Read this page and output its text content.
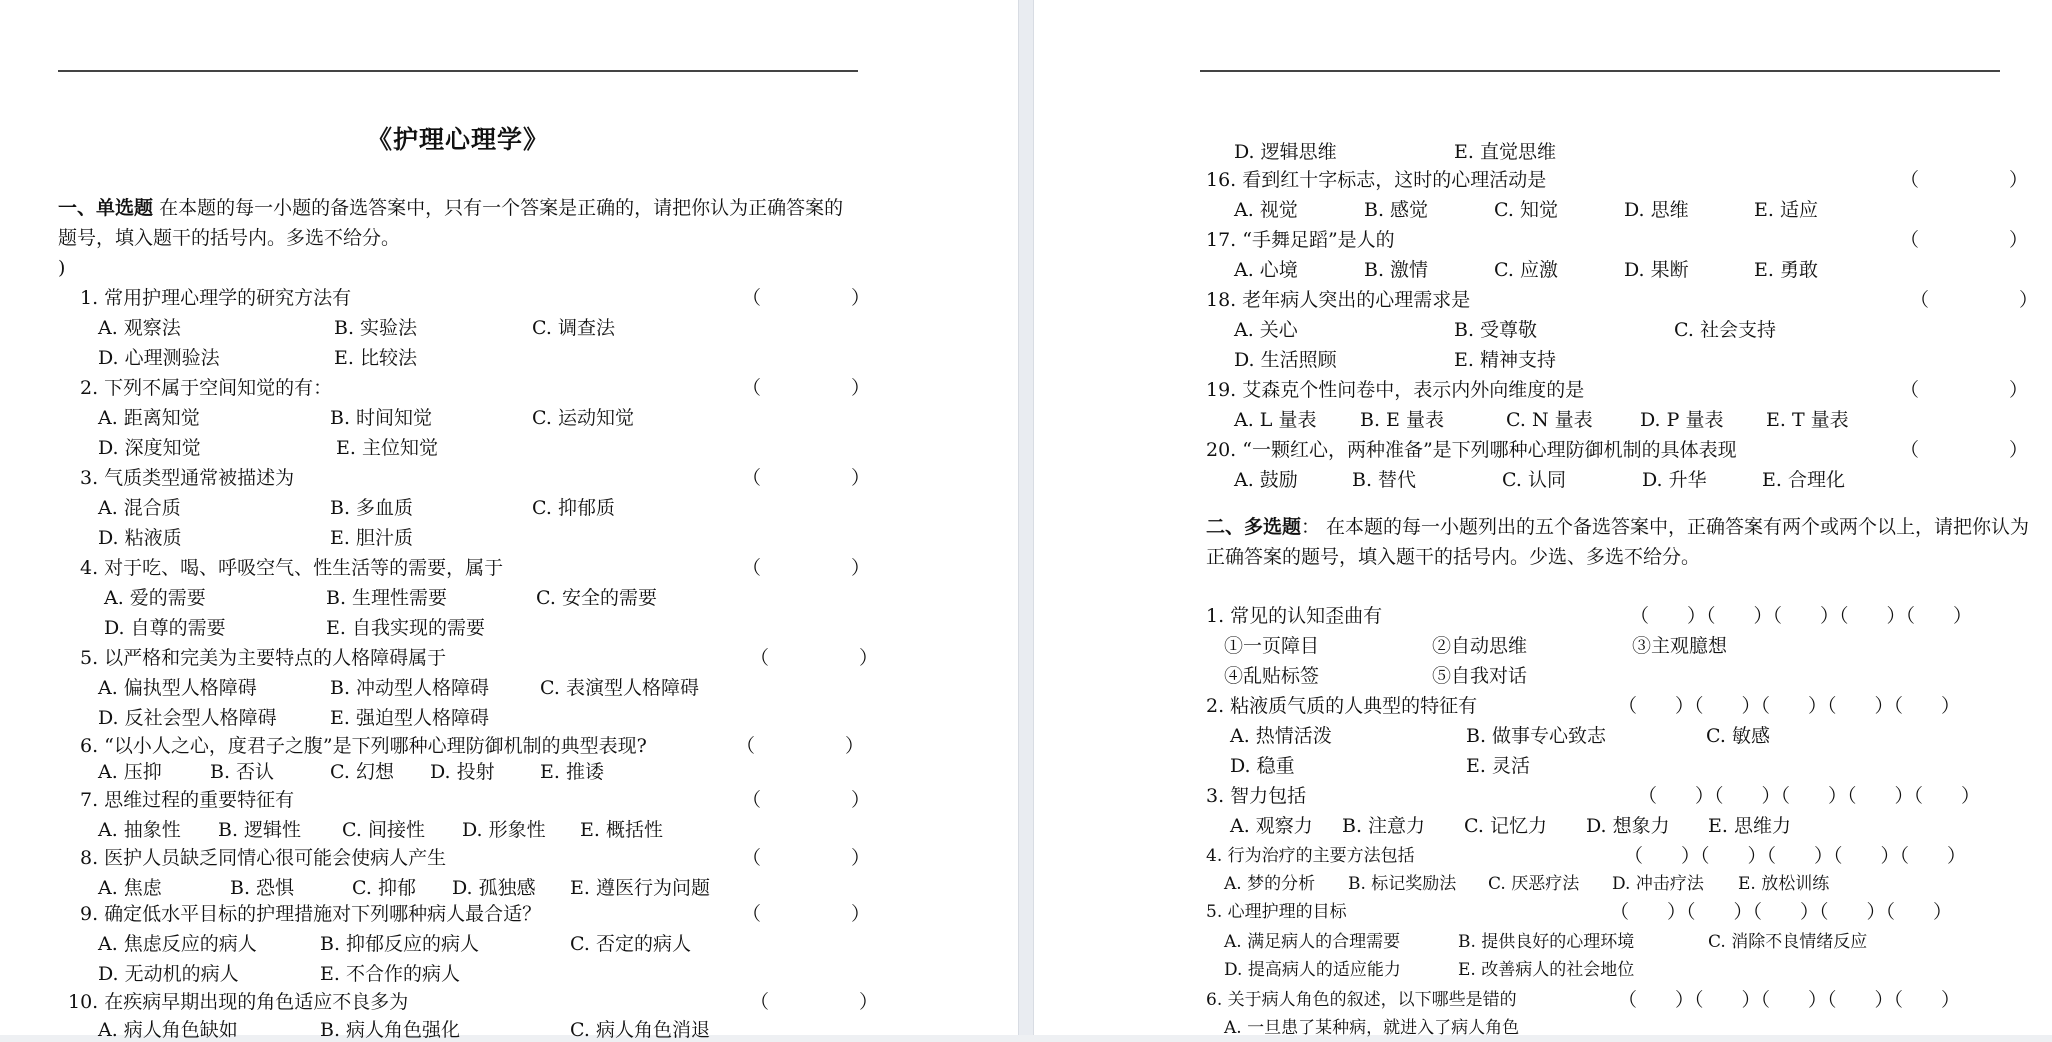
《护理心理学》
一、单选题 在本题的每一小题的备选答案中，只有一个答案是正确的，请把你认为正确答案的题号，填入题干的括号内。多选不给分。
)
1. 常用护理心理学的研究方法有	（	）
A. 观察法	B. 实验法	C. 调查法
D. 心理测验法	E. 比较法
2. 下列不属于空间知觉的有：	（	）
A. 距离知觉	B. 时间知觉	C. 运动知觉
D. 深度知觉	E. 主位知觉
3. 气质类型通常被描述为	（	）
A. 混合质	B. 多血质	C. 抑郁质
D. 粘液质	E. 胆汁质
4. 对于吃、喝、呼吸空气、性生活等的需要，属于	（	）
A. 爱的需要	B. 生理性需要	C. 安全的需要
D. 自尊的需要	E. 自我实现的需要
5. 以严格和完美为主要特点的人格障碍属于	（	）
A. 偏执型人格障碍	B. 冲动型人格障碍	C. 表演型人格障碍
D. 反社会型人格障碍	E. 强迫型人格障碍
6. “以小人之心，度君子之腹”是下列哪种心理防御机制的典型表现?	（	）
A. 压抑	B. 否认	C. 幻想 D. 投射 E. 推诿
7. 思维过程的重要特征有	（	）
A. 抽象性 B. 逻辑性 C. 间接性 D. 形象性 E. 概括性
8. 医护人员缺乏同情心很可能会使病人产生	（	）
A. 焦虑	B. 恐惧	C. 抑郁 D. 孤独感 E. 遵医行为问题
9. 确定低水平目标的护理措施对下列哪种病人最合适？	（	）
A. 焦虑反应的病人	B. 抑郁反应的病人	C. 否定的病人
D. 无动机的病人	E. 不合作的病人
10. 在疾病早期出现的角色适应不良多为	（	）
A. 病人角色缺如	B. 病人角色强化	C. 病人角色消退
D. 逻辑思维	E. 直觉思维
16. 看到红十字标志，这时的心理活动是	（	）
A. 视觉	B. 感觉	C. 知觉	D. 思维	E. 适应
17. “手舞足蹈”是人的	（	）
A. 心境	B. 激情	C. 应激	D. 果断	E. 勇敢
18. 老年病人突出的心理需求是	（	）
A. 关心	B. 受尊敬	C. 社会支持
D. 生活照顾	E. 精神支持
19. 艾森克个性问卷中，表示内外向维度的是	（	）
A. L 量表 B. E 量表	C. N 量表 D. P 量表 E. T 量表
20. “一颗红心，两种准备”是下列哪种心理防御机制的具体表现	（	）
A. 鼓励	B. 替代	C. 认同	D. 升华	E. 合理化
二、多选题： 在本题的每一小题列出的五个备选答案中，正确答案有两个或两个以上，请把你认为正确答案的题号，填入题干的括号内。少选、多选不给分。
1. 常见的认知歪曲有	（　　）（　　）（　　）（　　）（　　）
①一页障目	②自动思维	③主观臆想
④乱贴标签	⑤自我对话
2. 粘液质气质的人典型的特征有	（　　）（　　）（　　）（　　）（　　）
A. 热情活泼	B. 做事专心致志	C. 敏感
D. 稳重	E. 灵活
3. 智力包括	（　　）（　　）（　　）（　　）（　　）
A. 观察力 B. 注意力 C. 记忆力 D. 想象力 E. 思维力
4. 行为治疗的主要方法包括	（　　）（　　）（　　）（　　）（　　）
A. 梦的分析 B. 标记奖励法 C. 厌恶疗法 D. 冲击疗法 E. 放松训练
5. 心理护理的目标	（　　）（　　）（　　）（　　）（　　）
A. 满足病人的合理需要	B. 提供良好的心理环境	C. 消除不良情绪反应
D. 提高病人的适应能力	E. 改善病人的社会地位
6. 关于病人角色的叙述，以下哪些是错的	（　　）（　　）（　　）（　　）（　　）
A. 一旦患了某种病，就进入了病人角色
